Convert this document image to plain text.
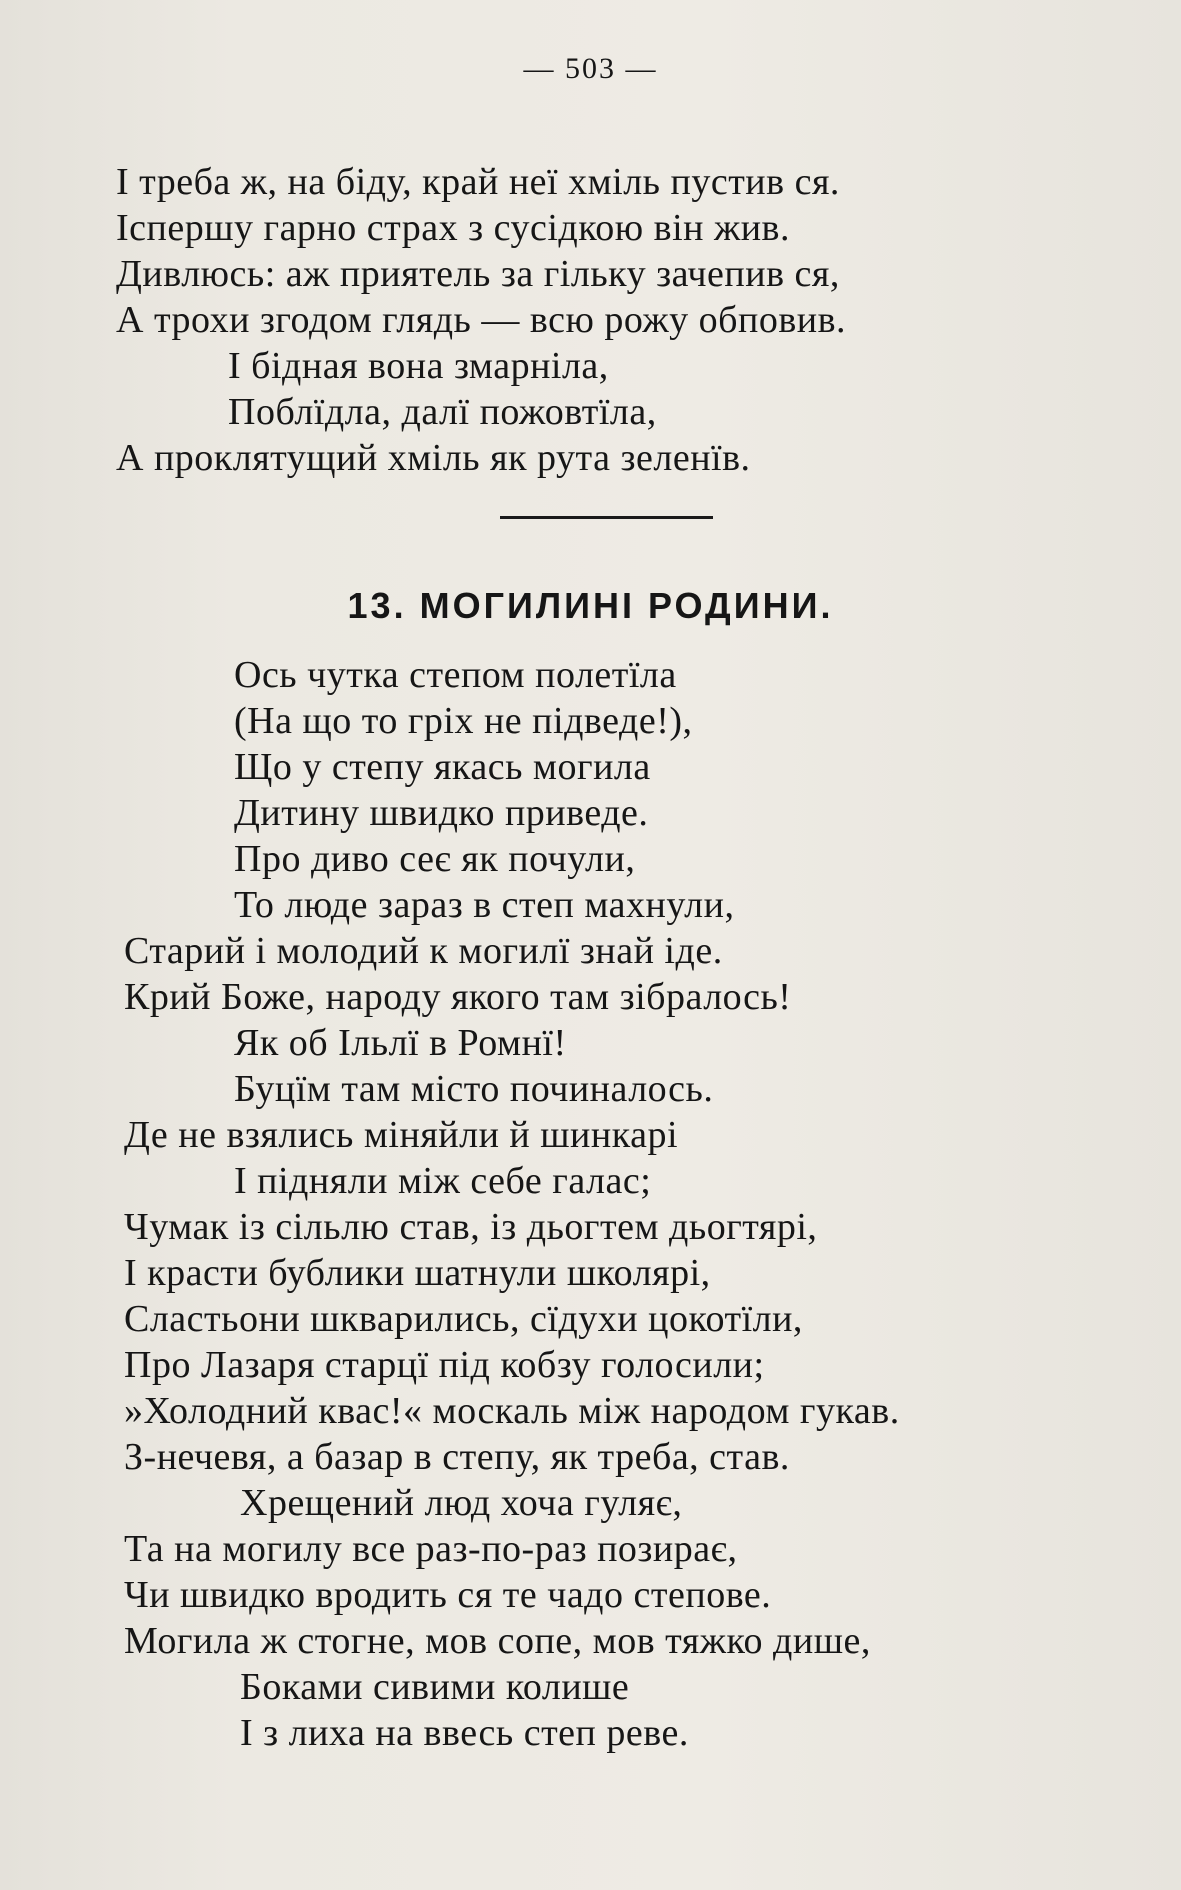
— 503 —
І треба ж, на біду, край неї хміль пустив ся.
Іспершу гарно страх з сусідкою він жив.
Дивлюсь: аж приятель за гільку зачепив ся,
А трохи згодом глядь — всю рожу обповив.
І бідная вона змарніла,
Поблїдла, далї пожовтїла,
А проклятущий хміль як рута зеленїв.
13. МОГИЛИНІ РОДИНИ.
Ось чутка степом полетїла
(На що то гріх не підведе!),
Що у степу якась могила
Дитину швидко приведе.
Про диво сеє як почули,
То люде зараз в степ махнули,
Старий і молодий к могилї знай іде.
Крий Боже, народу якого там зібралось!
Як об Ільлї в Ромнї!
Буцїм там місто починалось.
Де не взялись міняйли й шинкарі
І підняли між себе галас;
Чумак із сільлю став, із дьогтем дьогтярі,
І красти бублики шатнули школярі,
Сластьони шкварились, сїдухи цокотїли,
Про Лазаря старцї під кобзу голосили;
»Холодний квас!« москаль між народом гукав.
З-нечевя, а базар в степу, як треба, став.
Хрещений люд хоча гуляє,
Та на могилу все раз-по-раз позирає,
Чи швидко вродить ся те чадо степове.
Могила ж стогне, мов сопе, мов тяжко дише,
Боками сивими колише
І з лиха на ввесь степ реве.
